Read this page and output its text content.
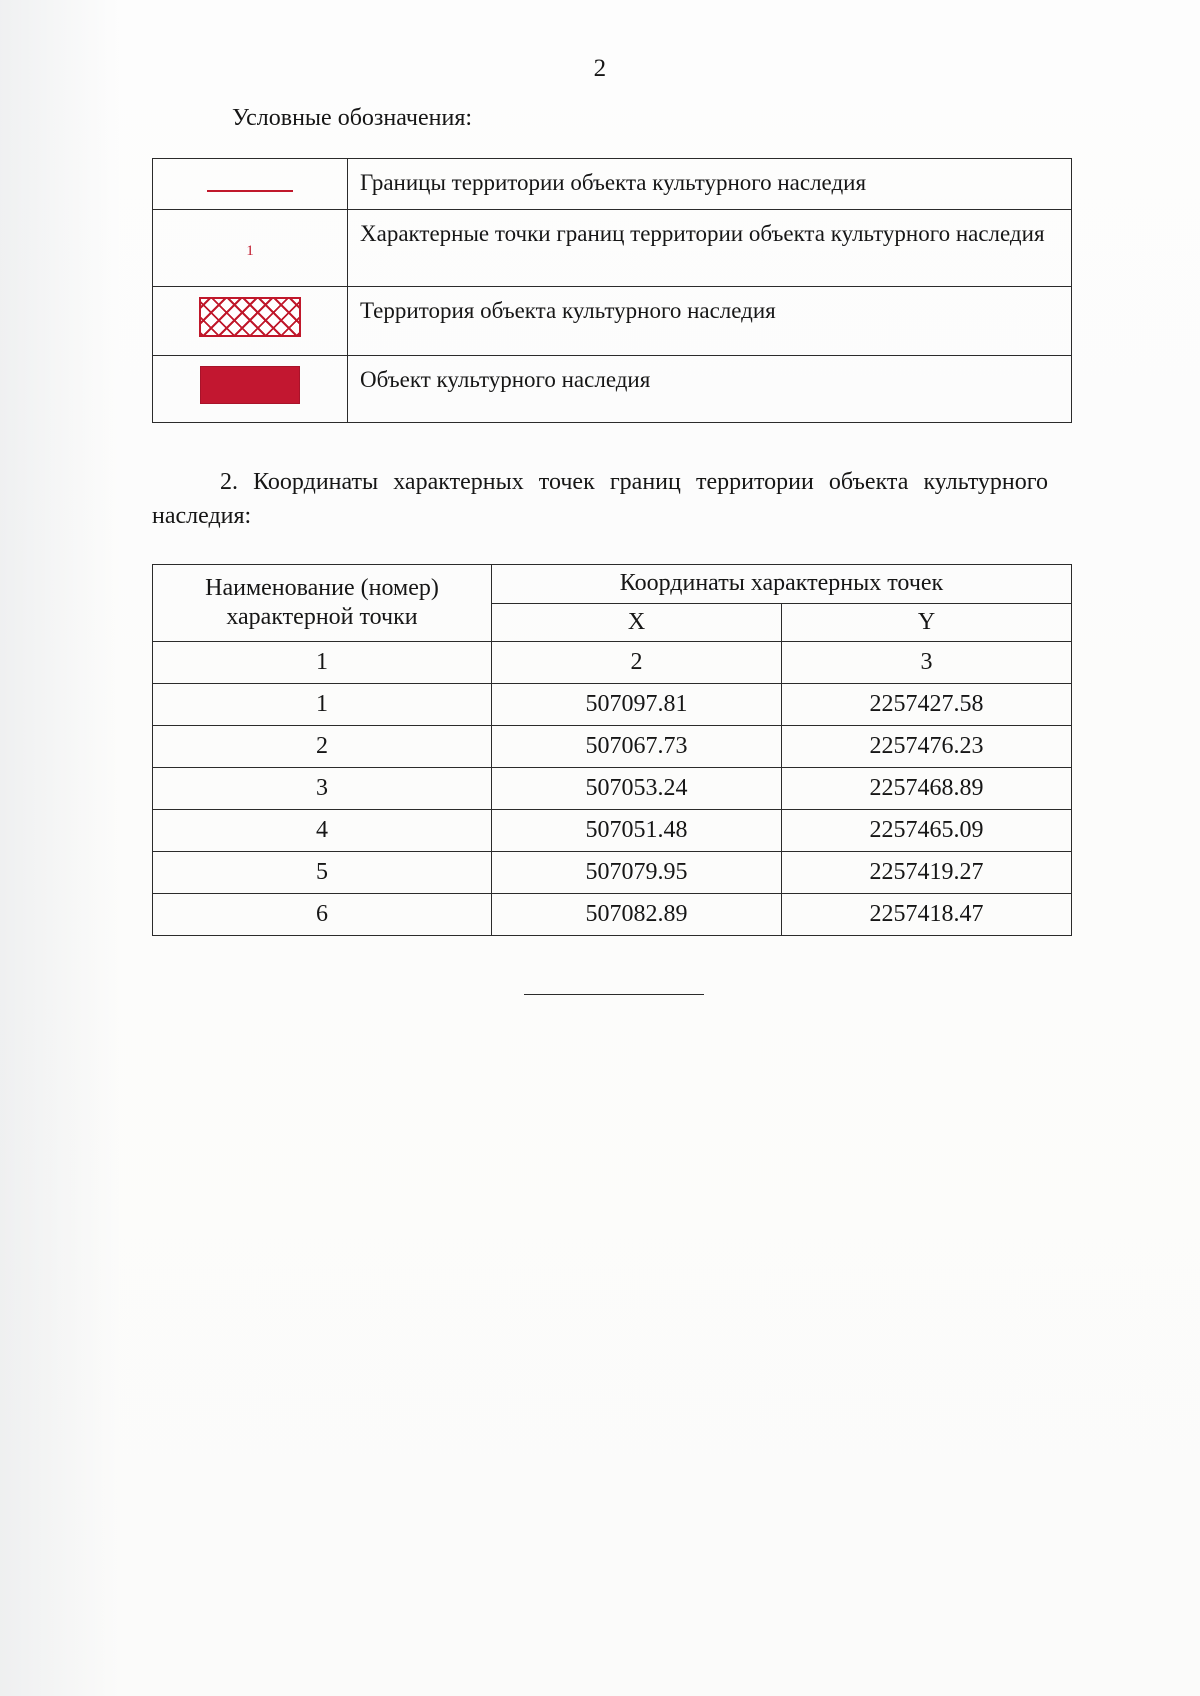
2
Условные обозначения:
	Границы территории объекта культурного наследия
1	Характерные точки границ территории объекта культурного наследия
	Территория объекта культурного наследия
	Объект культурного наследия

2. Координаты характерных точек границ территории объекта культурного наследия:

Наименование (номер) характерной точки	Координаты характерных точек	
	X	Y
1	2	3
1	507097.81	2257427.58
2	507067.73	2257476.23
3	507053.24	2257468.89
4	507051.48	2257465.09
5	507079.95	2257419.27
6	507082.89	2257418.47
